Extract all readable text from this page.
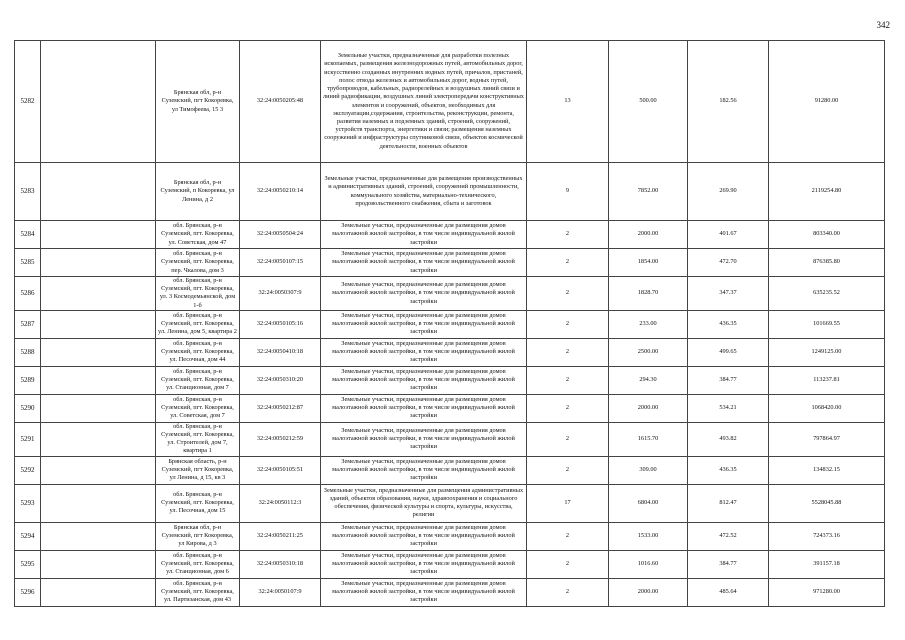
342
5282		Брянская обл, р-н Суземский, пгт Кокоревка, ул Тимофеева, 15 3	32:24:0050205:48	Земельные участки, предназначенные для разработки полезных ископаемых, размещения железнодорожных путей, автомобильных дорог, искусственно созданных внутренних водных путей, причалов, пристаней, полос отвода железных и автомобильных дорог, водных путей, трубопроводов, кабельных, радиорелейных и воздушных линий связи и линий радиофикации, воздушных линий электропередачи конструктивных элементов и сооружений, объектов, необходимых для эксплуатации,содержания, строительства, реконструкции, ремонта, развития наземных и подземных зданий, строений, сооружений, устройств транспорта, энергетики и связи; размещения наземных сооружений и инфраструктуры спутниковой связи, объектов космической деятельности, военных объектов	13	500.00	182.56	91280.00
5283		Брянская обл, р-н Суземский, п Кокоревка, ул Ленина, д 2	32:24:0050210:14	Земельные участки, предназначенные для размещения производственных и административных зданий, строений, сооружений промышленности, коммунального хозяйства, материально-технического, продовольственного снабжения, сбыта и заготовок	9	7852.00	269.90	2119254.80
5284		обл. Брянская, р-н Суземский, пгт. Кокоревка, ул. Советская, дом 47	32:24:0050504:24	Земельные участки, предназначенные для размещения домов малоэтажной жилой застройки, в том числе индивидуальной жилой застройки	2	2000.00	401.67	803340.00
5285		обл. Брянская, р-н Суземский, пгт. Кокоревка, пер. Чкалова, дом 3	32:24:0050107:15	Земельные участки, предназначенные для размещения домов малоэтажной жилой застройки, в том числе индивидуальной жилой застройки	2	1854.00	472.70	876385.80
5286		обл. Брянская, р-н Суземский, пгт. Кокоревка, ул. 3 Космодемьянской, дом 1-б	32:24:0050307:9	Земельные участки, предназначенные для размещения домов малоэтажной жилой застройки, в том числе индивидуальной жилой застройки	2	1828.70	347.37	635235.52
5287		обл. Брянская, р-н Суземский, пгт. Кокоревка, ул. Ленина, дом 5, квартира 2	32:24:0050105:16	Земельные участки, предназначенные для размещения домов малоэтажной жилой застройки, в том числе индивидуальной жилой застройки	2	233.00	436.35	101669.55
5288		обл. Брянская, р-н Суземский, пгт. Кокоревка, ул. Песочная, дом 44	32:24:0050410:18	Земельные участки, предназначенные для размещения домов малоэтажной жилой застройки, в том числе индивидуальной жилой застройки	2	2500.00	499.65	1249125.00
5289		обл. Брянская, р-н Суземский, пгт. Кокоревка, ул. Станционная, дом 7	32:24:0050310:20	Земельные участки, предназначенные для размещения домов малоэтажной жилой застройки, в том числе индивидуальной жилой застройки	2	294.30	384.77	113237.81
5290		обл. Брянская, р-н Суземский, пгт. Кокоревка, ул. Советская, дом 7	32:24:0050212:87	Земельные участки, предназначенные для размещения домов малоэтажной жилой застройки, в том числе индивидуальной жилой застройки	2	2000.00	534.21	1068420.00
5291		обл. Брянская, р-н Суземский, пгт. Кокоревка, ул. Строителей, дом 7, квартира 1	32:24:0050212:59	Земельные участки, предназначенные для размещения домов малоэтажной жилой застройки, в том числе индивидуальной жилой застройки	2	1615.70	493.82	797864.97
5292		Брянская область, р-н Суземский, пгт Кокоревка, ул Ленина, д 15, кв 3	32:24:0050105:51	Земельные участки, предназначенные для размещения домов малоэтажной жилой застройки, в том числе индивидуальной жилой застройки	2	309.00	436.35	134832.15
5293		обл. Брянская, р-н Суземский, пгт. Кокоревка, ул. Песочная, дом 15	32:24:0050112:3	Земельные участки, предназначенные для размещения административных зданий, объектов образования, науки, здравоохранения и социального обеспечения, физической культуры и спорта, культуры, искусства, религии	17	6804.00	812.47	5528045.88
5294		Брянская обл, р-н Суземский, пгт Кокоревка, ул Кирова, д 3	32:24:0050211:25	Земельные участки, предназначенные для размещения домов малоэтажной жилой застройки, в том числе индивидуальной жилой застройки	2	1533.00	472.52	724373.16
5295		обл. Брянская, р-н Суземский, пгт. Кокоревка, ул. Станционная, дом 6	32:24:0050310:18	Земельные участки, предназначенные для размещения домов малоэтажной жилой застройки, в том числе индивидуальной жилой застройки	2	1016.60	384.77	391157.18
5296		обл. Брянская, р-н Суземский, пгт. Кокоревка, ул. Партизанская, дом 43	32:24:0050107:9	Земельные участки, предназначенные для размещения домов малоэтажной жилой застройки, в том числе индивидуальной жилой застройки	2	2000.00	485.64	971280.00
